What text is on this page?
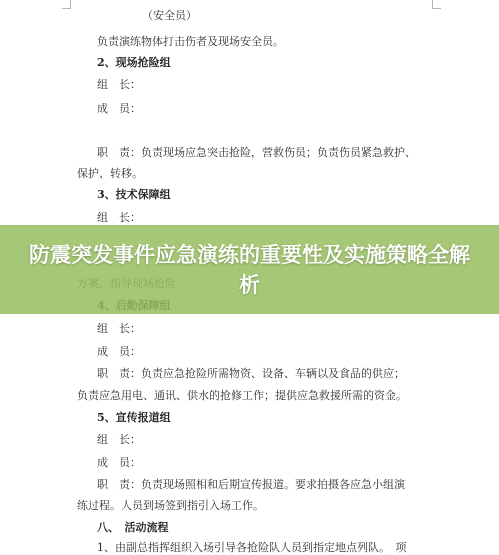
（安全员）
负责演练物体打击伤者及现场安全员。
2、现场抢险组
组　长：
成　员：
职　责：负责现场应急突击抢险，营救伤员；负责伤员紧急救护、
保护、转移。
3、技术保障组
组　长：
组　长：
成　员：
职　责：负责应急抢险所需物资、设备、车辆以及食品的供应；
负责应急用电、通讯、供水的抢修工作；提供应急救援所需的资金。
5、宣传报道组
组　长：
成　员：
职　责：负责现场照相和后期宣传报道。要求拍摄各应急小组演
练过程。人员到场签到指引入场工作。
八、　活动流程
1、由副总指挥组织入场引导各抢险队人员到指定地点列队。　项
防震突发事件应急演练的重要性及实施策略全解析
